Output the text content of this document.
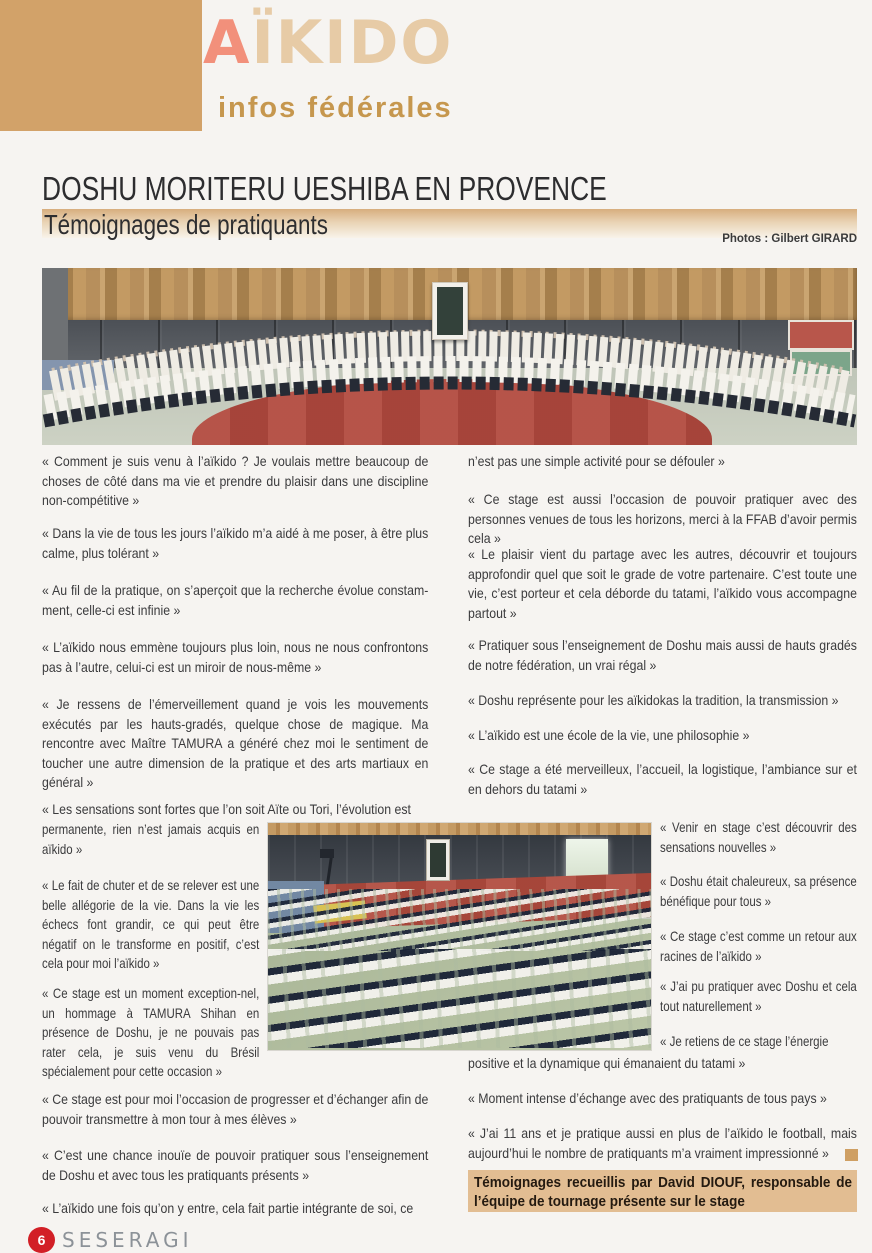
AÏKIDO
infos fédérales
DOSHU MORITERU UESHIBA EN PROVENCE
Témoignages de pratiquants	Photos : Gilbert GIRARD

« Comment je suis venu à l’aïkido ? Je voulais mettre beaucoup de choses de côté dans ma vie et prendre du plaisir dans une discipline non-compétitive »

« Dans la vie de tous les jours l’aïkido m’a aidé à me poser, à être plus calme, plus tolérant »

« Au fil de la pratique, on s’aperçoit que la recherche évolue constam-ment, celle-ci est infinie »

« L’aïkido nous emmène toujours plus loin, nous ne nous confrontons pas à l’autre, celui-ci est un miroir de nous-même »

« Je ressens de l’émerveillement quand je vois les mouvements exécutés par les hauts-gradés, quelque chose de magique. Ma rencontre avec Maître TAMURA a généré chez moi le sentiment de toucher une autre dimension de la pratique et des arts martiaux en général »

« Les sensations sont fortes que l’on soit Aïte ou Tori, l’évolution est

permanente, rien n’est jamais acquis en aïkido »

« Le fait de chuter et de se relever est une belle allégorie de la vie. Dans la vie les échecs font grandir, ce qui peut être négatif on le transforme en positif, c’est cela pour moi l’aïkido »

« Ce stage est un moment exception-nel, un hommage à TAMURA Shihan en présence de Doshu, je ne pouvais pas rater cela, je suis venu du Brésil spécialement pour cette occasion »

« Ce stage est pour moi l’occasion de progresser et d’échanger afin de pouvoir transmettre à mon tour à mes élèves »

« C’est une chance inouïe de pouvoir pratiquer sous l’enseignement de Doshu et avec tous les pratiquants présents »

« L’aïkido une fois qu’on y entre, cela fait partie intégrante de soi, ce

n’est pas une simple activité pour se défouler »

« Ce stage est aussi l’occasion de pouvoir pratiquer avec des personnes venues de tous les horizons, merci à la FFAB d’avoir permis cela »

« Le plaisir vient du partage avec les autres, découvrir et toujours approfondir quel que soit le grade de votre partenaire. C’est toute une vie, c’est porteur et cela déborde du tatami, l’aïkido vous accompagne partout »

« Pratiquer sous l’enseignement de Doshu mais aussi de hauts gradés de notre fédération, un vrai régal »

« Doshu représente pour les aïkidokas la tradition, la transmission »

« L’aïkido est une école de la vie, une philosophie »

« Ce stage a été merveilleux, l’accueil, la logistique, l’ambiance sur et en dehors du tatami »

« Venir en stage c’est découvrir des sensations nouvelles »

« Doshu était chaleureux, sa présence bénéfique pour tous »

« Ce stage c’est comme un retour aux racines de l’aïkido »

« J’ai pu pratiquer avec Doshu et cela tout naturellement »

« Je retiens de ce stage l’énergie

positive et la dynamique qui émanaient du tatami »

« Moment intense d’échange avec des pratiquants de tous pays »

« J’ai 11 ans et je pratique aussi en plus de l’aïkido le football, mais aujourd’hui le nombre de pratiquants m’a vraiment impressionné »

Témoignages recueillis par David DIOUF, responsable de l’équipe de tournage présente sur le stage

6 SESERAGI
